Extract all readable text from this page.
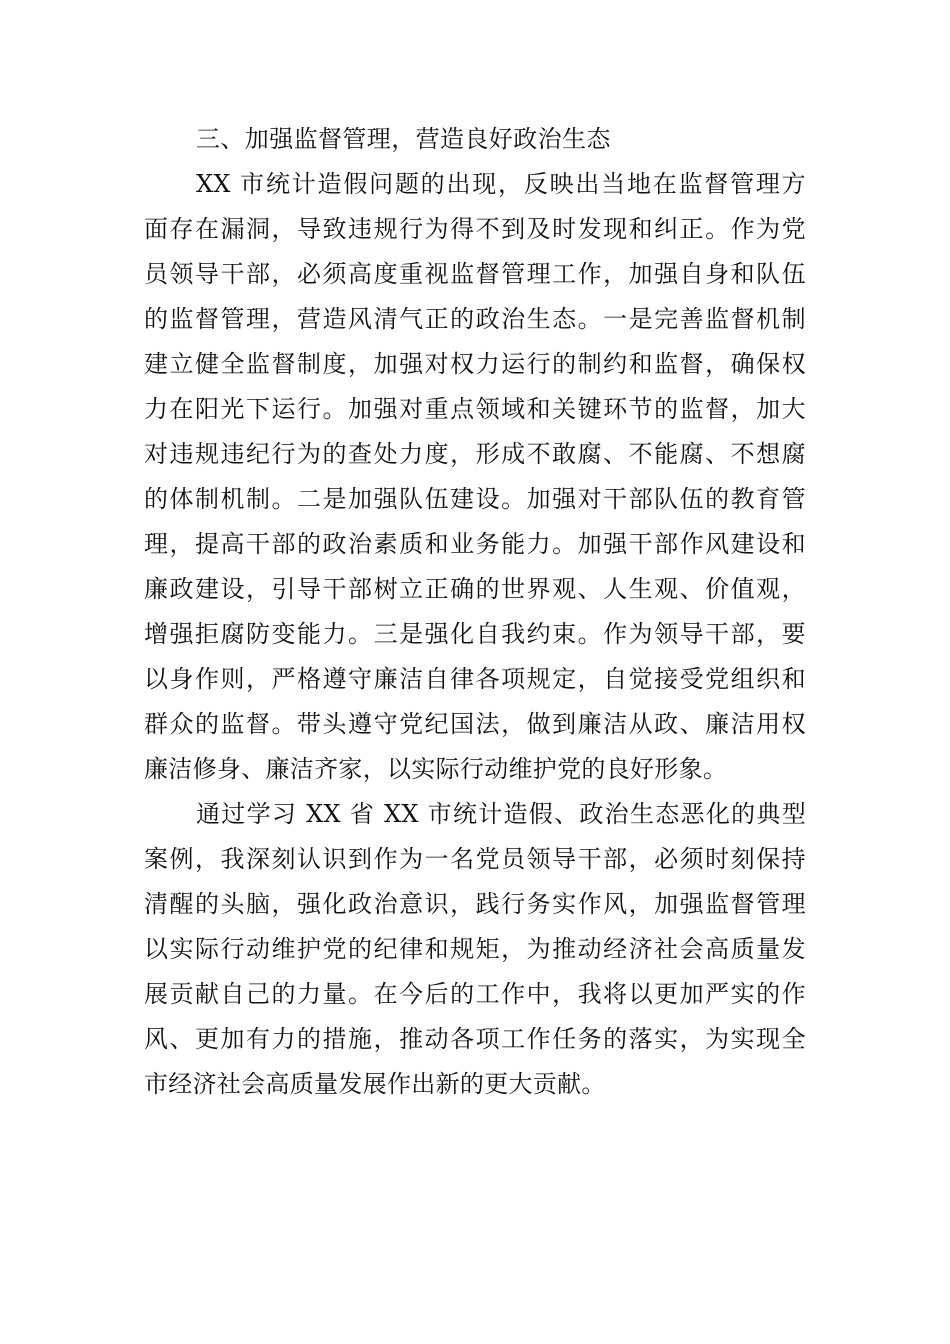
三、加强监督管理，营造良好政治生态
XX 市统计造假问题的出现，反映出当地在监督管理方
面存在漏洞，导致违规行为得不到及时发现和纠正。作为党
员领导干部，必须高度重视监督管理工作，加强自身和队伍
的监督管理，营造风清气正的政治生态。一是完善监督机制
建立健全监督制度，加强对权力运行的制约和监督，确保权
力在阳光下运行。加强对重点领域和关键环节的监督，加大
对违规违纪行为的查处力度，形成不敢腐、不能腐、不想腐
的体制机制。二是加强队伍建设。加强对干部队伍的教育管
理，提高干部的政治素质和业务能力。加强干部作风建设和
廉政建设，引导干部树立正确的世界观、人生观、价值观，
增强拒腐防变能力。三是强化自我约束。作为领导干部，要
以身作则，严格遵守廉洁自律各项规定，自觉接受党组织和
群众的监督。带头遵守党纪国法，做到廉洁从政、廉洁用权
廉洁修身、廉洁齐家，以实际行动维护党的良好形象。
通过学习 XX 省 XX 市统计造假、政治生态恶化的典型
案例，我深刻认识到作为一名党员领导干部，必须时刻保持
清醒的头脑，强化政治意识，践行务实作风，加强监督管理
以实际行动维护党的纪律和规矩，为推动经济社会高质量发
展贡献自己的力量。在今后的工作中，我将以更加严实的作
风、更加有力的措施，推动各项工作任务的落实，为实现全
市经济社会高质量发展作出新的更大贡献。
